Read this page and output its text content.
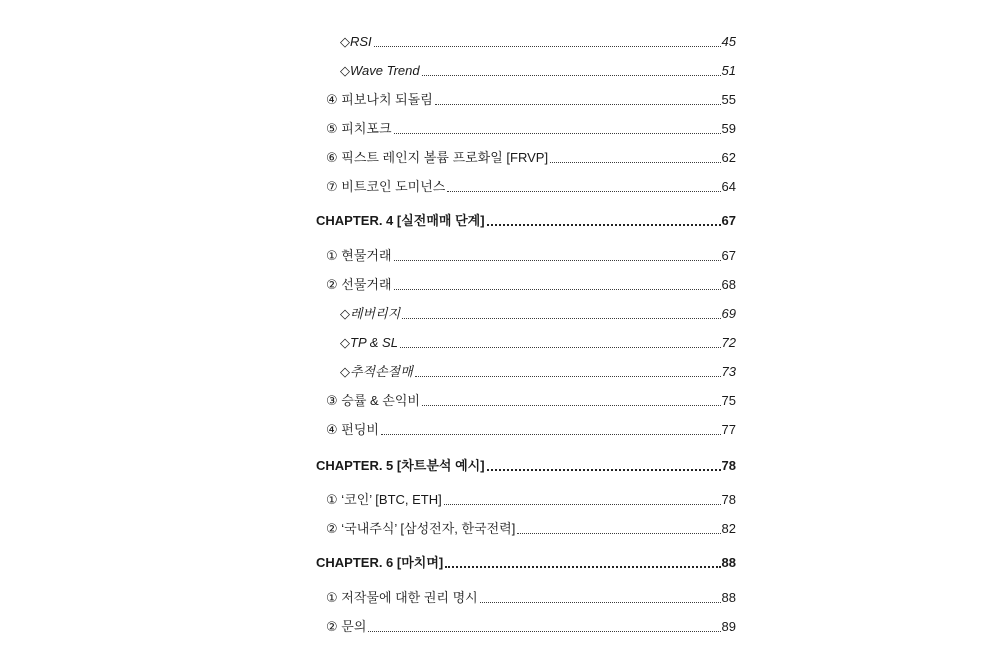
◇RSI	45
◇Wave Trend	51
④ 피보나치 되돌림	55
⑤ 피치포크	59
⑥ 픽스트 레인지 볼륨 프로화일 [FRVP]	62
⑦ 비트코인 도미넌스	64
CHAPTER. 4 [실전매매 단계]	67
① 현물거래	67
② 선물거래	68
◇레버리지	69
◇TP & SL	72
◇추적손절매	73
③ 승률 & 손익비	75
④ 펀딩비	77
CHAPTER. 5 [차트분석 예시]	78
① ‘코인’ [BTC, ETH]	78
② ‘국내주식’ [삼성전자, 한국전력]	82
CHAPTER. 6 [마치며]	88
① 저작물에 대한 권리 명시	88
② 문의	89
